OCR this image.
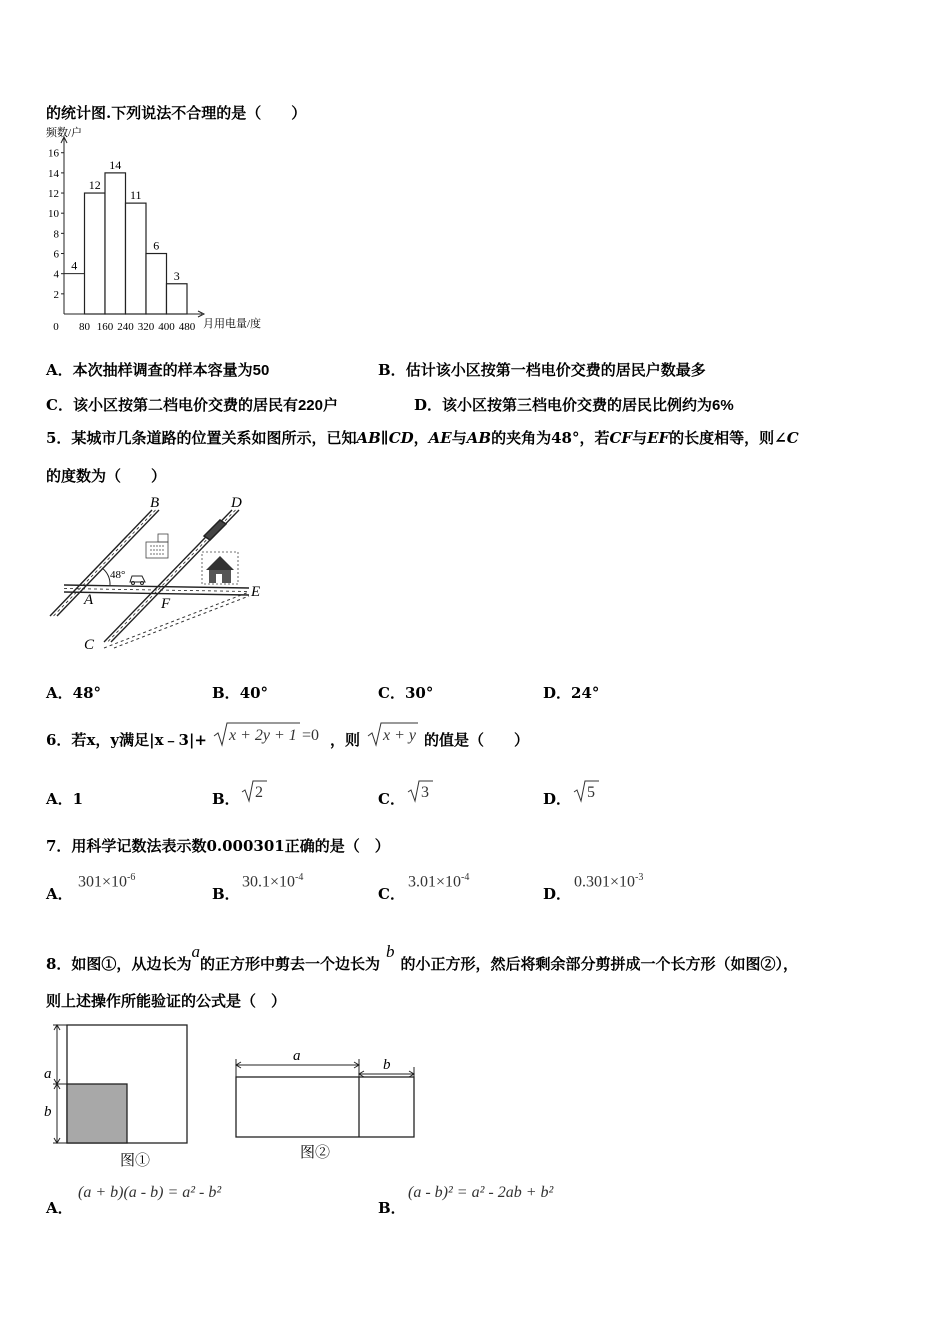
的统计图.下列说法不合理的是（　　）
频数/户
月用电量/度
2
4
6
8
10
12
14
16
0 80 160 240 320 400 480
4
12
14
11
6
3
A．本次抽样调查的样本容量为50	B．估计该小区按第一档电价交费的居民户数最多
C．该小区按第二档电价交费的居民有220户	D．该小区按第三档电价交费的居民比例约为6%
5．某城市几条道路的位置关系如图所示，已知AB∥CD，AE与AB的夹角为48°，若CF与EF的长度相等，则∠C
的度数为（　　）
B	D
A	F
E
C
48°
A．48°	B．40°	C．30°	D．24°
6．若x，y满足|x﹣3|+ x + 2y + 1 =0 ，则 x + y 的值是（　　）
A．1	B． 2	C． 3	D． 5
7．用科学记数法表示数0.000301正确的是（　）
A．
$301\times 10^{-6}$
B．
$30.1\times 10^{-4}$
C．
$3.01\times 10^{-4}$
D．
$0.301\times 10^{-3}$
8．如图①，从边长为$^a$的正方形中剪去一个边长为$^b$的小正方形，然后将剩余部分剪拼成一个长方形（如图②），
则上述操作所能验证的公式是（　）
a
b
图①
a
b
图②
A．
(a + b)(a - b) = a² - b²
B．
(a - b)² = a² - 2ab + b²
